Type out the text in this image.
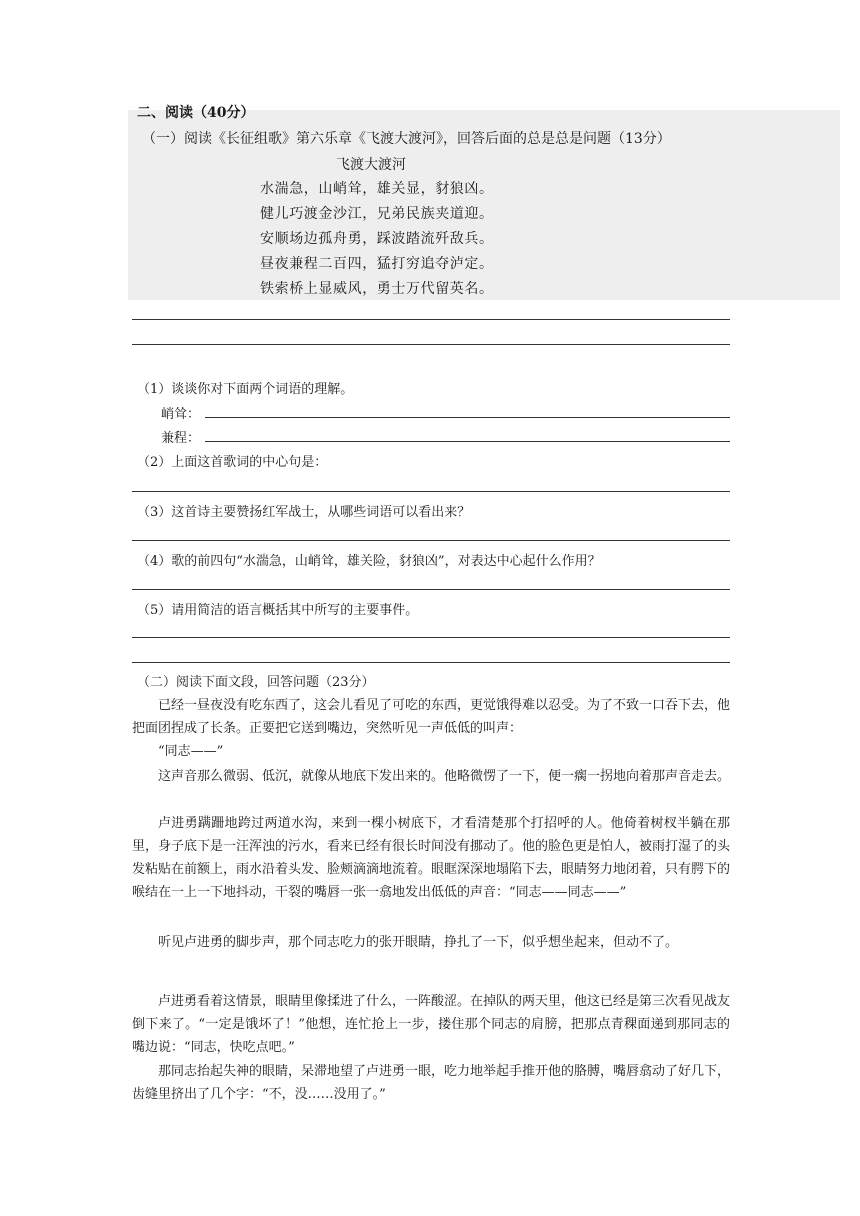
（一）阅读《长征组歌》第六乐章《飞渡大渡河》，回答后面的总是总是问题（13分）
飞渡大渡河
水湍急，山峭耸，雄关显，豺狼凶。
健儿巧渡金沙江，兄弟民族夹道迎。
安顺场边孤舟勇，踩波踏流歼敌兵。
昼夜兼程二百四，猛打穷追夺泸定。
铁索桥上显威风，勇士万代留英名。
二、阅读（40分）
（1）谈谈你对下面两个词语的理解。
峭耸：
兼程：
（2）上面这首歌词的中心句是：
（3）这首诗主要赞扬红军战士，从哪些词语可以看出来？
（4）歌的前四句“水湍急，山峭耸，雄关险，豺狼凶”，对表达中心起什么作用？
（5）请用简洁的语言概括其中所写的主要事件。
（二）阅读下面文段，回答问题（23分）
已经一昼夜没有吃东西了，这会儿看见了可吃的东西，更觉饿得难以忍受。为了不致一口吞下去，他把面团捏成了长条。正要把它送到嘴边，突然听见一声低低的叫声：
“同志——”
这声音那么微弱、低沉，就像从地底下发出来的。他略微愣了一下，便一瘸一拐地向着那声音走去。
卢进勇蹒跚地跨过两道水沟，来到一棵小树底下，才看清楚那个打招呼的人。他倚着树杈半躺在那里，身子底下是一汪浑浊的污水，看来已经有很长时间没有挪动了。他的脸色更是怕人，被雨打湿了的头发粘贴在前额上，雨水沿着头发、脸颊滴滴地流着。眼眶深深地塌陷下去，眼睛努力地闭着，只有腭下的喉结在一上一下地抖动，干裂的嘴唇一张一翕地发出低低的声音：“同志——同志——”
听见卢进勇的脚步声，那个同志吃力的张开眼睛，挣扎了一下，似乎想坐起来，但动不了。
卢进勇看着这情景，眼睛里像揉进了什么，一阵酸涩。在掉队的两天里，他这已经是第三次看见战友倒下来了。“一定是饿坏了！”他想，连忙抢上一步，搂住那个同志的肩膀，把那点青稞面递到那同志的嘴边说：“同志，快吃点吧。”
那同志抬起失神的眼睛，呆滞地望了卢进勇一眼，吃力地举起手推开他的胳膊，嘴唇翕动了好几下，齿缝里挤出了几个字：“不，没……没用了。”
